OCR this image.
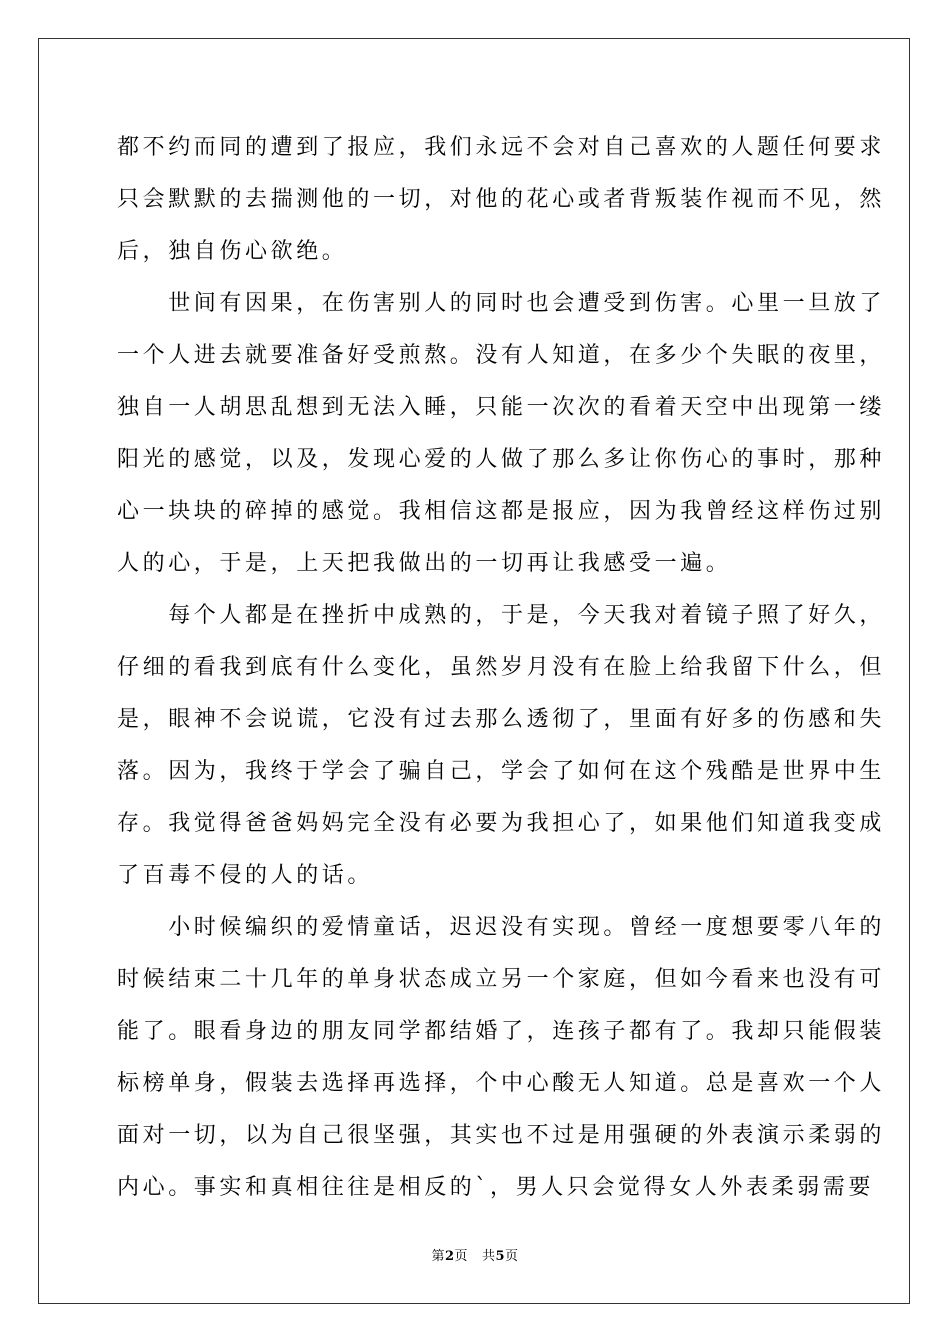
都不约而同的遭到了报应，我们永远不会对自己喜欢的人题任何要求
只会默默的去揣测他的一切，对他的花心或者背叛装作视而不见，然
后，独自伤心欲绝。
　　世间有因果，在伤害别人的同时也会遭受到伤害。心里一旦放了
一个人进去就要准备好受煎熬。没有人知道，在多少个失眠的夜里，
独自一人胡思乱想到无法入睡，只能一次次的看着天空中出现第一缕
阳光的感觉，以及，发现心爱的人做了那么多让你伤心的事时，那种
心一块块的碎掉的感觉。我相信这都是报应，因为我曾经这样伤过别
人的心，于是，上天把我做出的一切再让我感受一遍。
　　每个人都是在挫折中成熟的，于是，今天我对着镜子照了好久，
仔细的看我到底有什么变化，虽然岁月没有在脸上给我留下什么，但
是，眼神不会说谎，它没有过去那么透彻了，里面有好多的伤感和失
落。因为，我终于学会了骗自己，学会了如何在这个残酷是世界中生
存。我觉得爸爸妈妈完全没有必要为我担心了，如果他们知道我变成
了百毒不侵的人的话。
　　小时候编织的爱情童话，迟迟没有实现。曾经一度想要零八年的
时候结束二十几年的单身状态成立另一个家庭，但如今看来也没有可
能了。眼看身边的朋友同学都结婚了，连孩子都有了。我却只能假装
标榜单身，假装去选择再选择，个中心酸无人知道。总是喜欢一个人
面对一切，以为自己很坚强，其实也不过是用强硬的外表演示柔弱的
内心。事实和真相往往是相反的`，男人只会觉得女人外表柔弱需要
第2页 共5页
